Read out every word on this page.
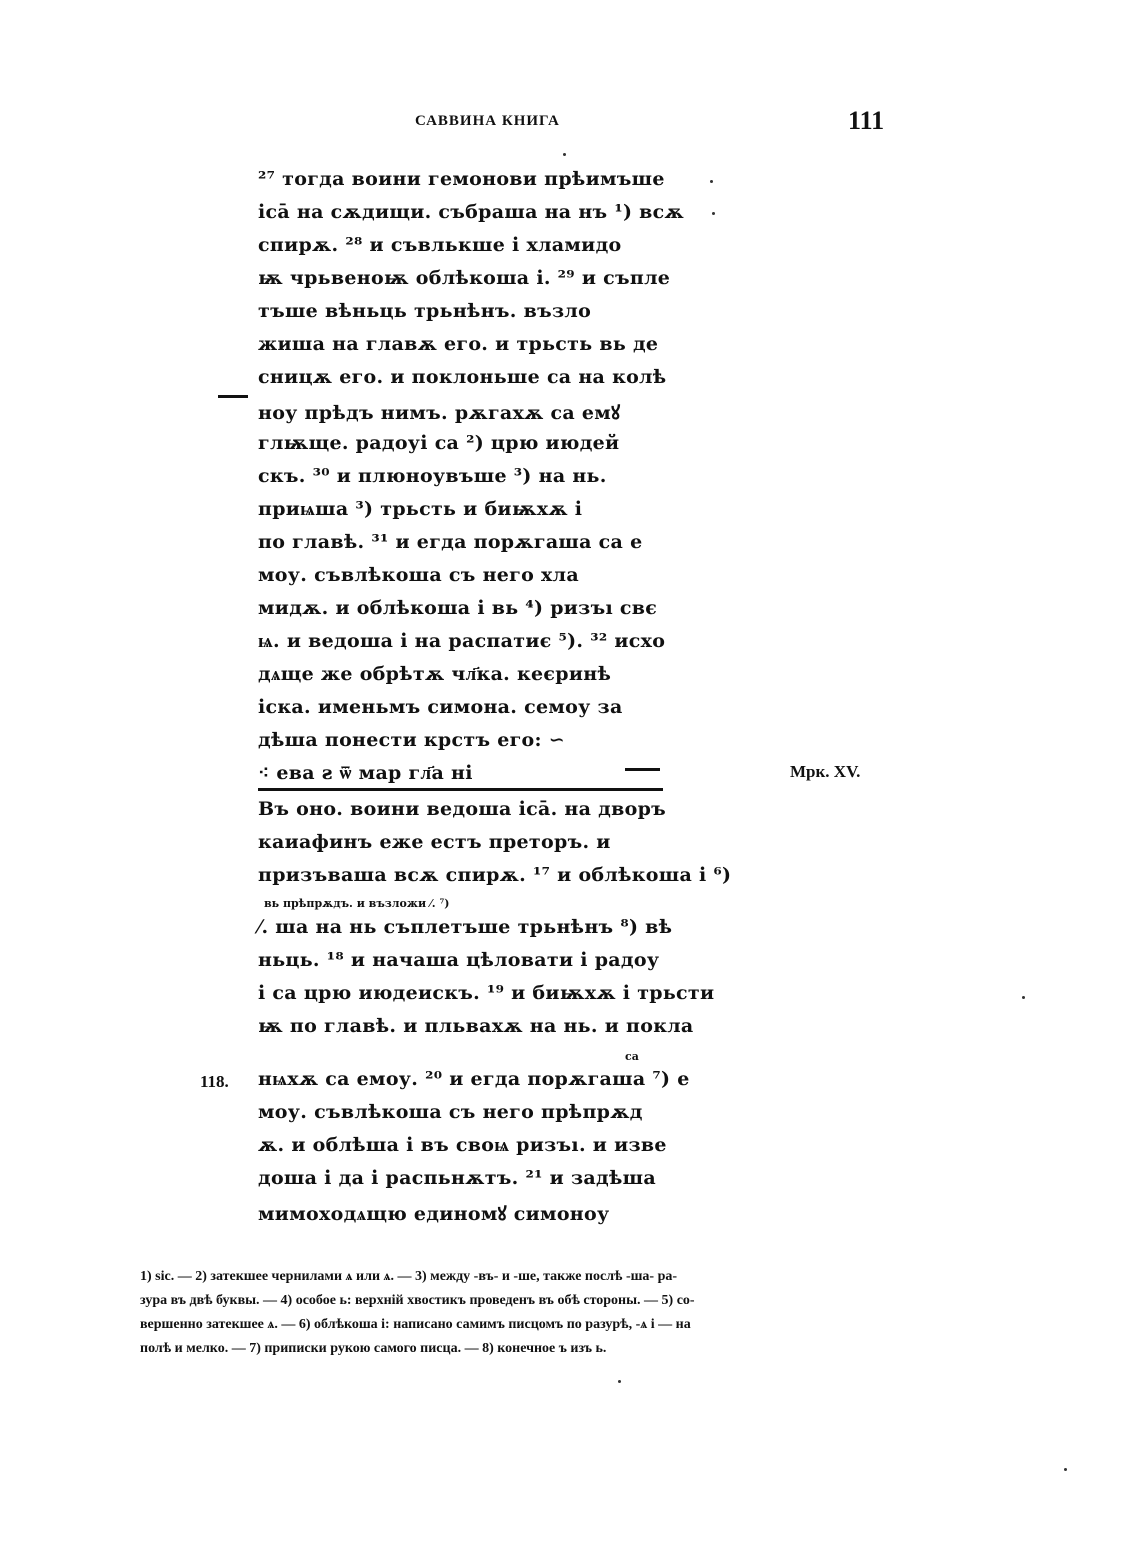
САВВИНА КНИГА	111
²⁷ тогда воини гемонови прѣимъше
ісā на сѫдищи. събраша на нъ ¹) всѫ
спирѫ. ²⁸ и съвлькше і хламидо
ѭ чрьвеноѭ облѣкоша і. ²⁹ и съпле
тъше вѣньць трьнѣнъ. възло
жиша на главѫ его. и трьсть вь де
сницѫ его. и поклоньше са на колѣ
ноу прѣдъ нимъ. рѫгахѫ са емꙋ
глѭще. радоуі са ²) црю июдей
скъ. ³⁰ и плюноувъше ³) на нь.
приѩша ³) трьсть и биѭхѫ і
по главѣ. ³¹ и егда порѫгаша са е
моу. съвлѣкоша съ него хла
мидѫ. и облѣкоша і вь ⁴) ризъı свє
ѩ. и ведоша і на распатиє ⁵). ³² исхо
дѧще же обрѣтѫ чл҃ка. кеєринѣ
іска. именьмъ симона. семоу за
дѣша понести крстъ его: ∽
⁖ ева ꙅ ѿ мар гл҃а ні
Въ оно. воини ведоша ісā. на дворъ
каиафинъ еже естъ преторъ. и
призъваша всѫ спирѫ. ¹⁷ и облѣкоша і ⁶)
вь прѣпрѫдъ. и възложи ⁄. ⁷)
⁄. ша на нь съплетъше трьнѣнъ ⁸) вѣ
ньць. ¹⁸ и начаша цѣловати і радоу
і са црю июдеискъ. ¹⁹ и биѭхѫ і трьсти
ѭ по главѣ. и пльвахѫ на нь. и покла
са
нѩхѫ са емоу. ²⁰ и егда порѫгаша ⁷) е
моу. съвлѣкоша съ него прѣпрѫд
ѫ. и облѣша і въ своѩ ризъı. и изве
доша і да і распьнѫтъ. ²¹ и задѣша
мимоходѧщю единомꙋ симоноу
Мрк. XV.
118.
1) sic. — 2) затекшее чернилами ѧ или ѧ. — 3) между -въ- и -ше, также послѣ -ша- ра-
зура въ двѣ буквы. — 4) особое ь: верхній хвостикъ проведенъ въ обѣ стороны. — 5) со-
вершенно затекшее ѧ. — 6) облѣкоша і: написано самимъ писцомъ по разурѣ, -ѧ і — на
полѣ и мелко. — 7) приписки рукою самого писца. — 8) конечное ъ изъ ь.
